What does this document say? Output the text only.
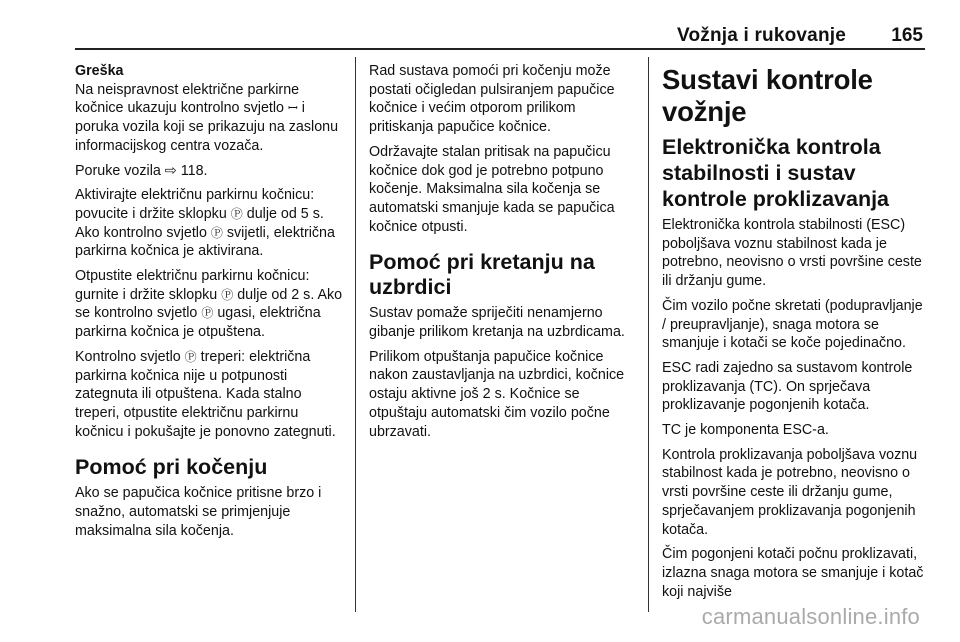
Vožnja i rukovanje 165

Greška

Na neispravnost električne parkirne kočnice ukazuju kontrolno svjetlo ꟷ i poruka vozila koji se prikazuju na zaslonu informacijskog centra vozača.

Poruke vozila ⇨ 118.

Aktivirajte električnu parkirnu kočnicu: povucite i držite sklopku Ⓟ dulje od 5 s. Ako kontrolno svjetlo Ⓟ svijetli, električna parkirna kočnica je aktivirana.

Otpustite električnu parkirnu kočnicu: gurnite i držite sklopku Ⓟ dulje od 2 s. Ako se kontrolno svjetlo Ⓟ ugasi, električna parkirna kočnica je otpuštena.

Kontrolno svjetlo Ⓟ treperi: električna parkirna kočnica nije u potpunosti zategnuta ili otpuštena. Kada stalno treperi, otpustite električnu parkirnu kočnicu i pokušajte je ponovno zategnuti.

Pomoć pri kočenju

Ako se papučica kočnice pritisne brzo i snažno, automatski se primjenjuje maksimalna sila kočenja.

Rad sustava pomoći pri kočenju može postati očigledan pulsiranjem papučice kočnice i većim otporom prilikom pritiskanja papučice kočnice.

Održavajte stalan pritisak na papučicu kočnice dok god je potrebno potpuno kočenje. Maksimalna sila kočenja se automatski smanjuje kada se papučica kočnice otpusti.

Pomoć pri kretanju na uzbrdici

Sustav pomaže spriječiti nenamjerno gibanje prilikom kretanja na uzbrdicama.

Prilikom otpuštanja papučice kočnice nakon zaustavljanja na uzbrdici, kočnice ostaju aktivne još 2 s. Kočnice se otpuštaju automatski čim vozilo počne ubrzavati.

Sustavi kontrole vožnje
Elektronička kontrola stabilnosti i sustav kontrole proklizavanja

Elektronička kontrola stabilnosti (ESC) poboljšava voznu stabilnost kada je potrebno, neovisno o vrsti površine ceste ili držanju gume.

Čim vozilo počne skretati (podupravljanje / preupravljanje), snaga motora se smanjuje i kotači se koče pojedinačno.

ESC radi zajedno sa sustavom kontrole proklizavanja (TC). On sprječava proklizavanje pogonjenih kotača.

TC je komponenta ESC-a.

Kontrola proklizavanja poboljšava voznu stabilnost kada je potrebno, neovisno o vrsti površine ceste ili držanju gume, sprječavanjem proklizavanja pogonjenih kotača.

Čim pogonjeni kotači počnu proklizavati, izlazna snaga motora se smanjuje i kotač koji najviše

carmanualsonline.info
